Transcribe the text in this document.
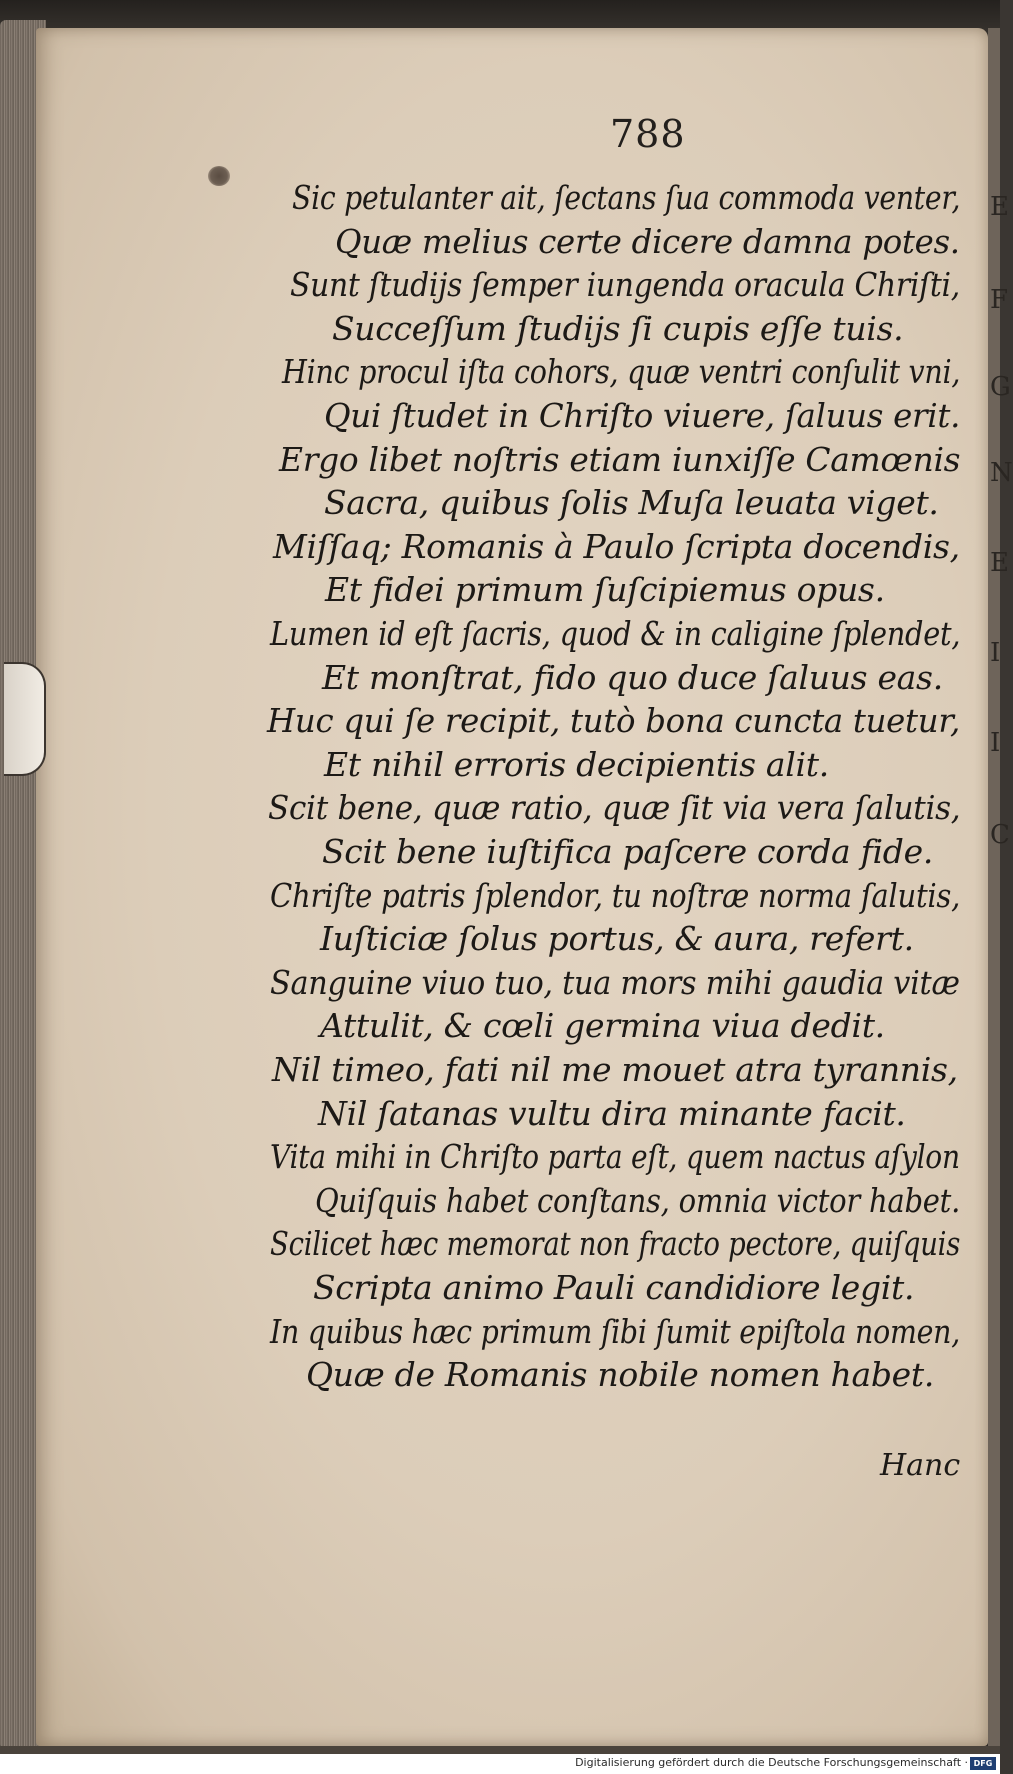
788
Sic petulanter ait, ſectans ſua commoda venter,
Quæ melius certe dicere damna potes.
Sunt ſtudijs ſemper iungenda oracula Chriſti,
Succeſſum ſtudijs ſi cupis eſſe tuis.
Hinc procul iſta cohors, quæ ventri conſulit vni,
Qui ſtudet in Chriſto viuere, ſaluus erit.
Ergo libet noſtris etiam iunxiſſe Camœnis
Sacra, quibus ſolis Muſa leuata viget.
Miſſaq; Romanis à Paulo ſcripta docendis,
Et fidei primum ſuſcipiemus opus.
Lumen id eſt ſacris, quod & in caligine ſplendet,
Et monſtrat, fido quo duce ſaluus eas.
Huc qui ſe recipit, tutò bona cuncta tuetur,
Et nihil erroris decipientis alit.
Scit bene, quæ ratio, quæ ſit via vera ſalutis,
Scit bene iuſtifica paſcere corda fide.
Chriſte patris ſplendor, tu noſtræ norma ſalutis,
Iuſticiæ ſolus portus, & aura, refert.
Sanguine viuo tuo, tua mors mihi gaudia vitæ
Attulit, & cœli germina viua dedit.
Nil timeo, fati nil me mouet atra tyrannis,
Nil ſatanas vultu dira minante facit.
Vita mihi in Chriſto parta eſt, quem nactus aſylon
Quiſquis habet conſtans, omnia victor habet.
Scilicet hæc memorat non fracto pectore, quiſquis
Scripta animo Pauli candidiore legit.
In quibus hæc primum ſibi ſumit epiſtola nomen,
Quæ de Romanis nobile nomen habet.
Hanc
E
F
G
N
E
I
I
C
Digitalisierung gefördert durch die Deutsche Forschungsgemeinschaft · DFG
